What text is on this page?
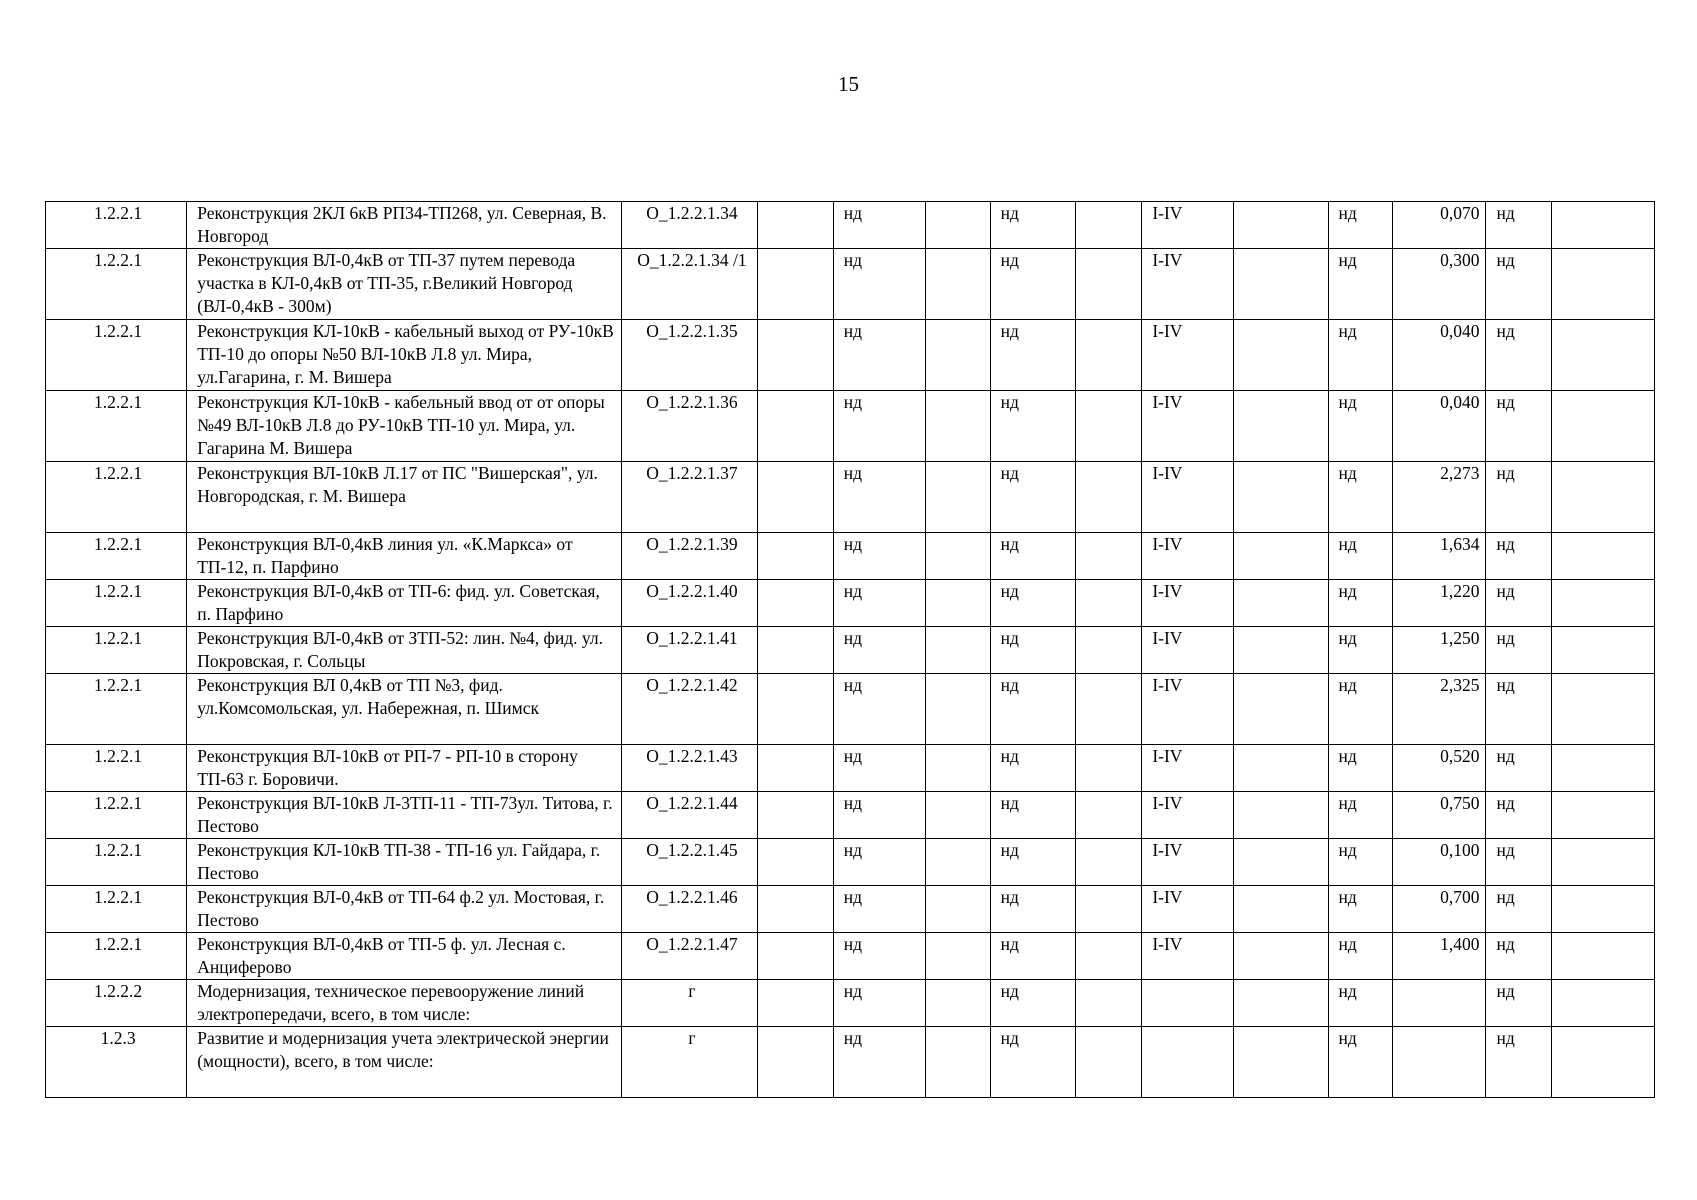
15
1.2.2.1	Реконструкция 2КЛ 6кВ РП34-ТП268, ул. Северная, В. Новгород	О_1.2.2.1.34		нд		нд		I-IV		нд	0,070	нд	
1.2.2.1	Реконструкция ВЛ-0,4кВ от ТП-37 путем перевода участка в КЛ-0,4кВ от ТП-35, г.Великий Новгород (ВЛ-0,4кВ - 300м)	О_1.2.2.1.34 /1		нд		нд		I-IV		нд	0,300	нд	
1.2.2.1	Реконструкция КЛ-10кВ - кабельный выход от РУ-10кВ ТП-10 до опоры №50 ВЛ-10кВ Л.8 ул. Мира, ул.Гагарина, г. М. Вишера	О_1.2.2.1.35		нд		нд		I-IV		нд	0,040	нд	
1.2.2.1	Реконструкция КЛ-10кВ - кабельный ввод от от опоры №49 ВЛ-10кВ Л.8 до РУ-10кВ ТП-10 ул. Мира, ул. Гагарина М. Вишера	О_1.2.2.1.36		нд		нд		I-IV		нд	0,040	нд	
1.2.2.1	Реконструкция ВЛ-10кВ Л.17 от ПС "Вишерская", ул. Новгородская, г. М. Вишера	О_1.2.2.1.37		нд		нд		I-IV		нд	2,273	нд	
1.2.2.1	Реконструкция ВЛ-0,4кВ линия ул. «К.Маркса» от ТП-12, п. Парфино	О_1.2.2.1.39		нд		нд		I-IV		нд	1,634	нд	
1.2.2.1	Реконструкция ВЛ-0,4кВ от ТП-6: фид. ул. Советская, п. Парфино	О_1.2.2.1.40		нд		нд		I-IV		нд	1,220	нд	
1.2.2.1	Реконструкция ВЛ-0,4кВ от ЗТП-52: лин. №4, фид. ул. Покровская, г. Сольцы	О_1.2.2.1.41		нд		нд		I-IV		нд	1,250	нд	
1.2.2.1	Реконструкция ВЛ 0,4кВ от ТП №3, фид. ул.Комсомольская, ул. Набережная, п. Шимск	О_1.2.2.1.42		нд		нд		I-IV		нд	2,325	нд	
1.2.2.1	Реконструкция ВЛ-10кВ от РП-7 - РП-10 в сторону ТП-63 г. Боровичи.	О_1.2.2.1.43		нд		нд		I-IV		нд	0,520	нд	
1.2.2.1	Реконструкция ВЛ-10кВ Л-3ТП-11 - ТП-73ул. Титова, г. Пестово	О_1.2.2.1.44		нд		нд		I-IV		нд	0,750	нд	
1.2.2.1	Реконструкция КЛ-10кВ ТП-38 - ТП-16 ул. Гайдара, г. Пестово	О_1.2.2.1.45		нд		нд		I-IV		нд	0,100	нд	
1.2.2.1	Реконструкция ВЛ-0,4кВ от ТП-64 ф.2 ул. Мостовая, г. Пестово	О_1.2.2.1.46		нд		нд		I-IV		нд	0,700	нд	
1.2.2.1	Реконструкция ВЛ-0,4кВ от ТП-5 ф. ул. Лесная с. Анциферово	О_1.2.2.1.47		нд		нд		I-IV		нд	1,400	нд	
1.2.2.2	Модернизация, техническое перевооружение линий электропередачи, всего, в том числе:	г		нд		нд				нд		нд	
1.2.3	Развитие и модернизация учета электрической энергии (мощности), всего, в том числе:	г		нд		нд				нд		нд	
